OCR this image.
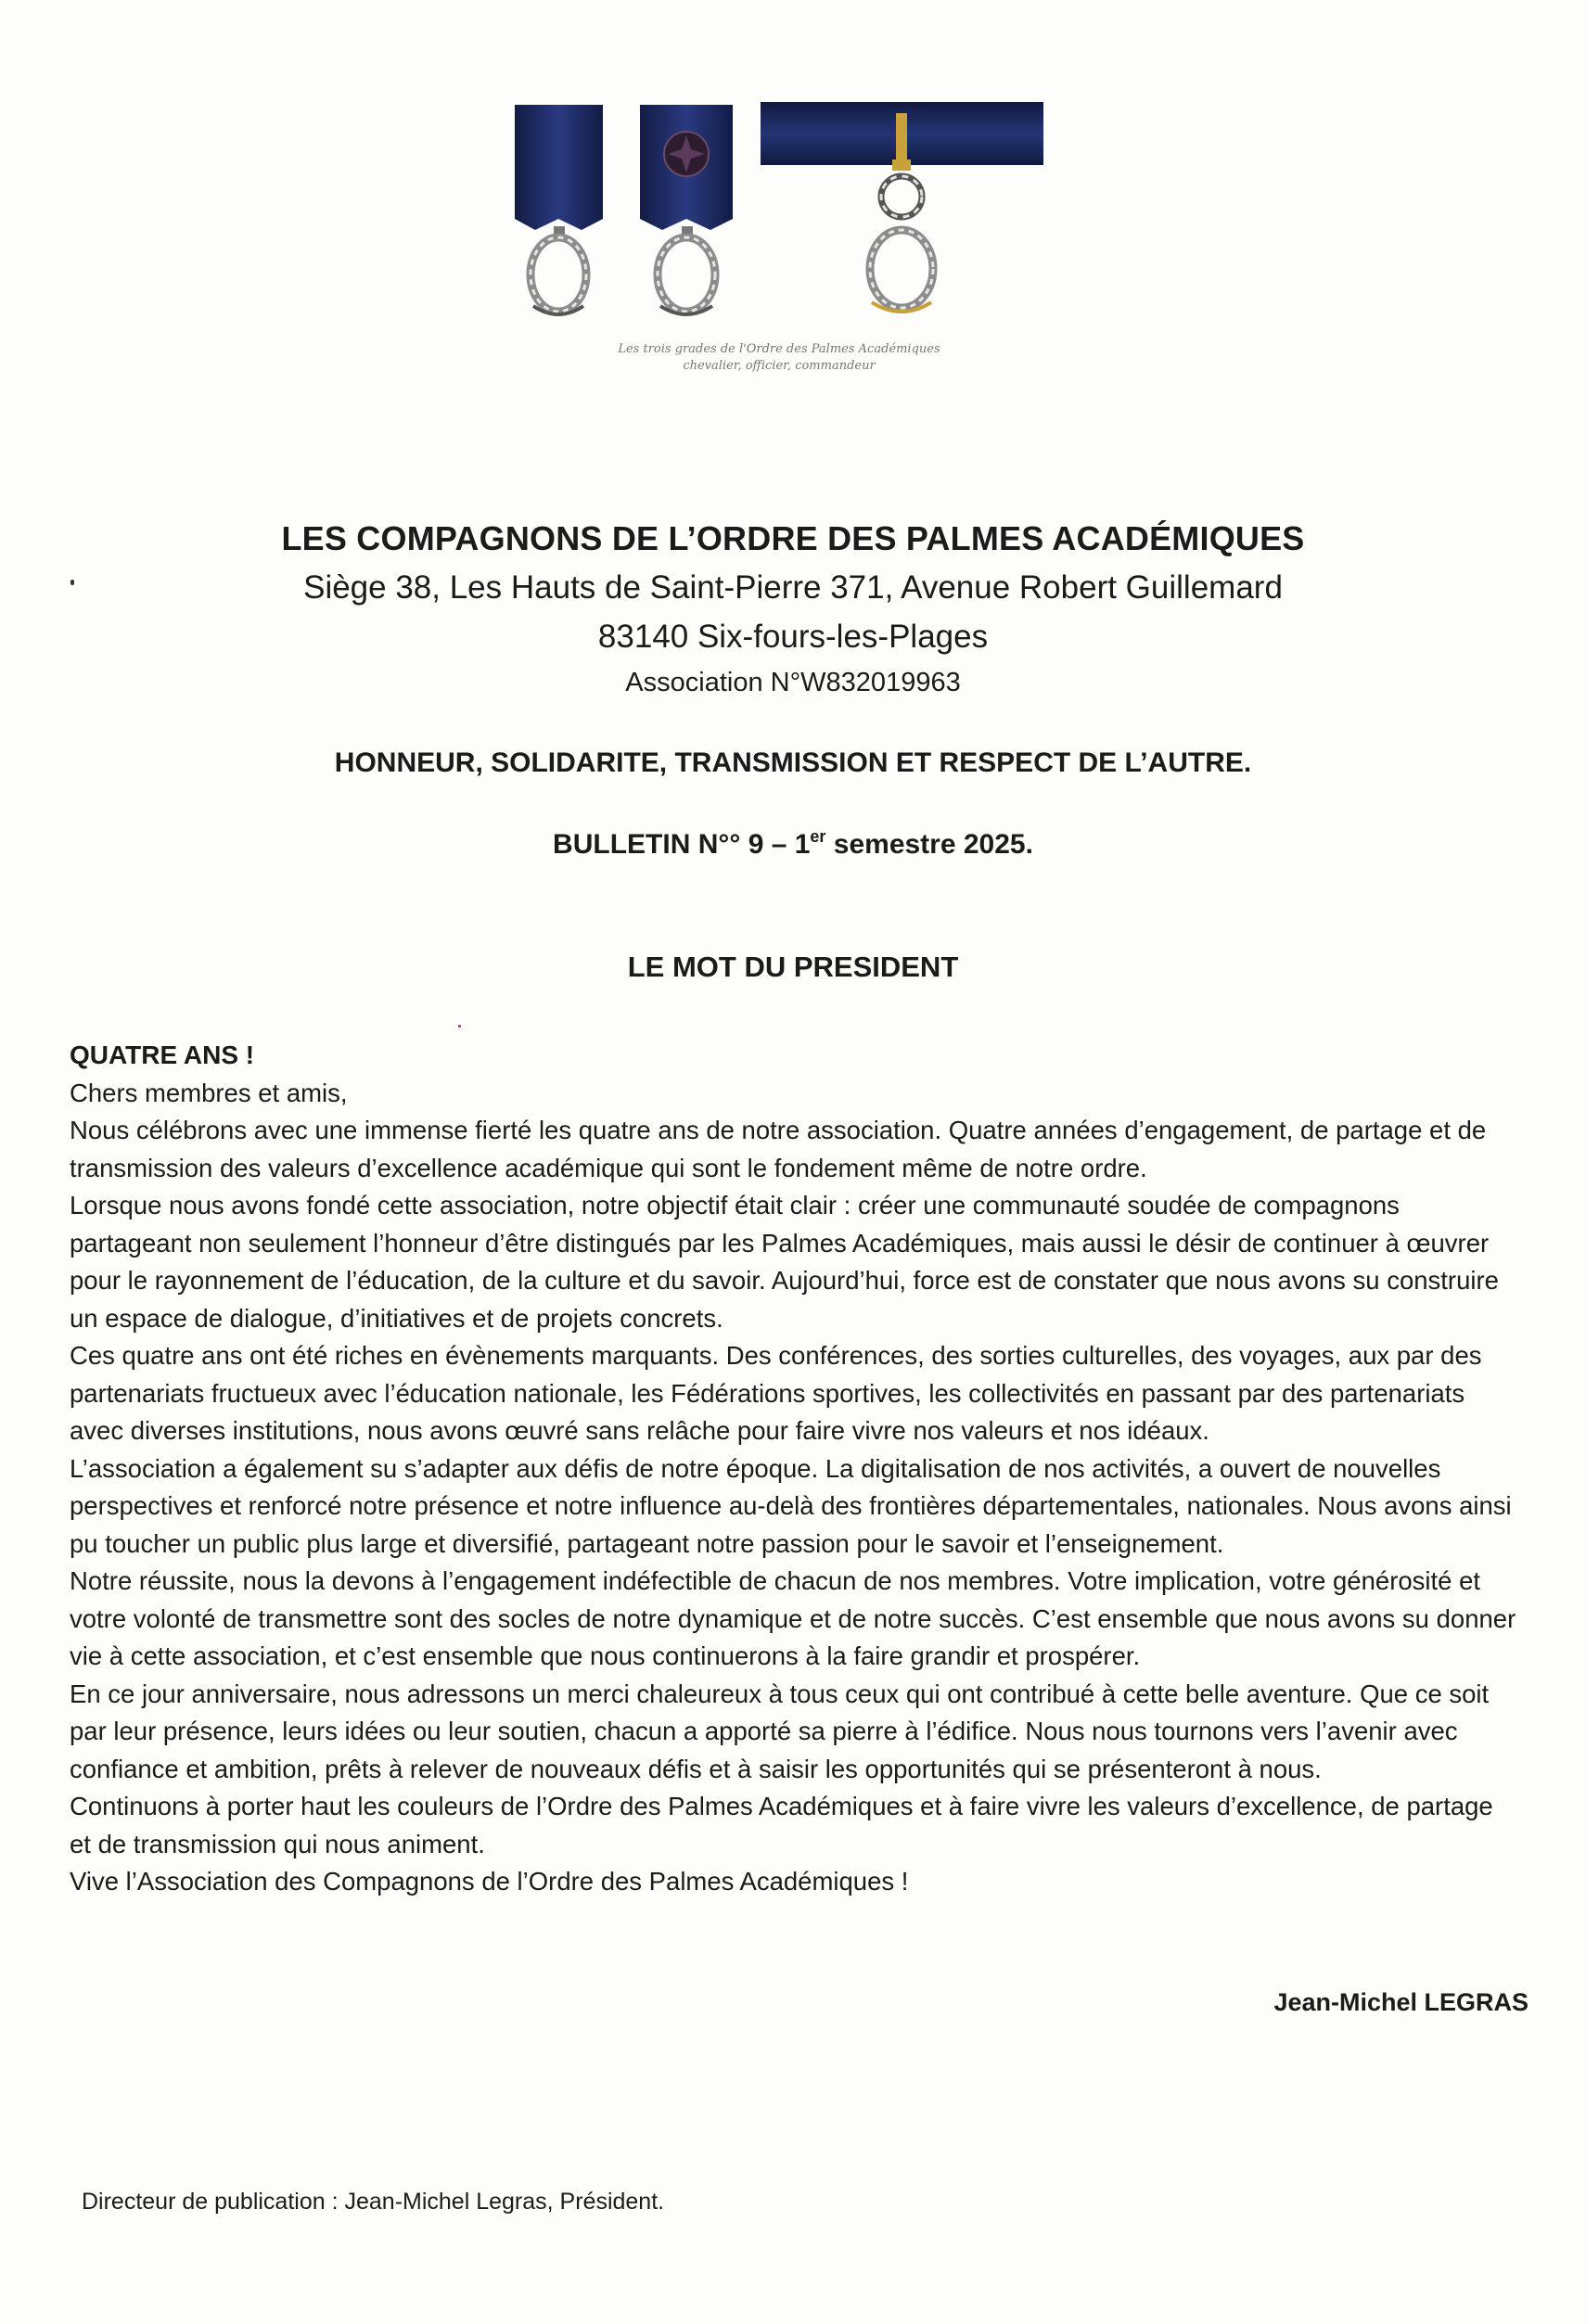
Les trois grades de l'Ordre des Palmes Académiques
chevalier, officier, commandeur
LES COMPAGNONS DE L’ORDRE DES PALMES ACADÉMIQUES
Siège 38, Les Hauts de Saint-Pierre 371, Avenue Robert Guillemard
83140 Six-fours-les-Plages
Association N°W832019963
HONNEUR, SOLIDARITE, TRANSMISSION ET RESPECT DE L’AUTRE.
BULLETIN N°° 9 – 1er semestre 2025.
LE MOT DU PRESIDENT

QUATRE ANS !

Chers membres et amis,

Nous célébrons avec une immense fierté les quatre ans de notre association. Quatre années d’engagement, de partage et de transmission des valeurs d’excellence académique qui sont le fondement même de notre ordre.

Lorsque nous avons fondé cette association, notre objectif était clair : créer une communauté soudée de compagnons partageant non seulement l’honneur d’être distingués par les Palmes Académiques, mais aussi le désir de continuer à œuvrer pour le rayonnement de l’éducation, de la culture et du savoir. Aujourd’hui, force est de constater que nous avons su construire un espace de dialogue, d’initiatives et de projets concrets.

Ces quatre ans ont été riches en évènements marquants. Des conférences, des sorties culturelles, des voyages, aux par des partenariats fructueux avec l’éducation nationale, les Fédérations sportives, les collectivités en passant par des partenariats avec diverses institutions, nous avons œuvré sans relâche pour faire vivre nos valeurs et nos idéaux.

L’association a également su s’adapter aux défis de notre époque. La digitalisation de nos activités, a ouvert de nouvelles perspectives et renforcé notre présence et notre influence au-delà des frontières départementales, nationales. Nous avons ainsi pu toucher un public plus large et diversifié, partageant notre passion pour le savoir et l’enseignement.

Notre réussite, nous la devons à l’engagement indéfectible de chacun de nos membres. Votre implication, votre générosité et votre volonté de transmettre sont des socles de notre dynamique et de notre succès. C’est ensemble que nous avons su donner vie à cette association, et c’est ensemble que nous continuerons à la faire grandir et prospérer.

En ce jour anniversaire, nous adressons un merci chaleureux à tous ceux qui ont contribué à cette belle aventure. Que ce soit par leur présence, leurs idées ou leur soutien, chacun a apporté sa pierre à l’édifice. Nous nous tournons vers l’avenir avec confiance et ambition, prêts à relever de nouveaux défis et à saisir les opportunités qui se présenteront à nous.

Continuons à porter haut les couleurs de l’Ordre des Palmes Académiques et à faire vivre les valeurs d’excellence, de partage et de transmission qui nous animent.

Vive l’Association des Compagnons de l’Ordre des Palmes Académiques !

Jean-Michel LEGRAS
Directeur de publication : Jean-Michel Legras, Président.
